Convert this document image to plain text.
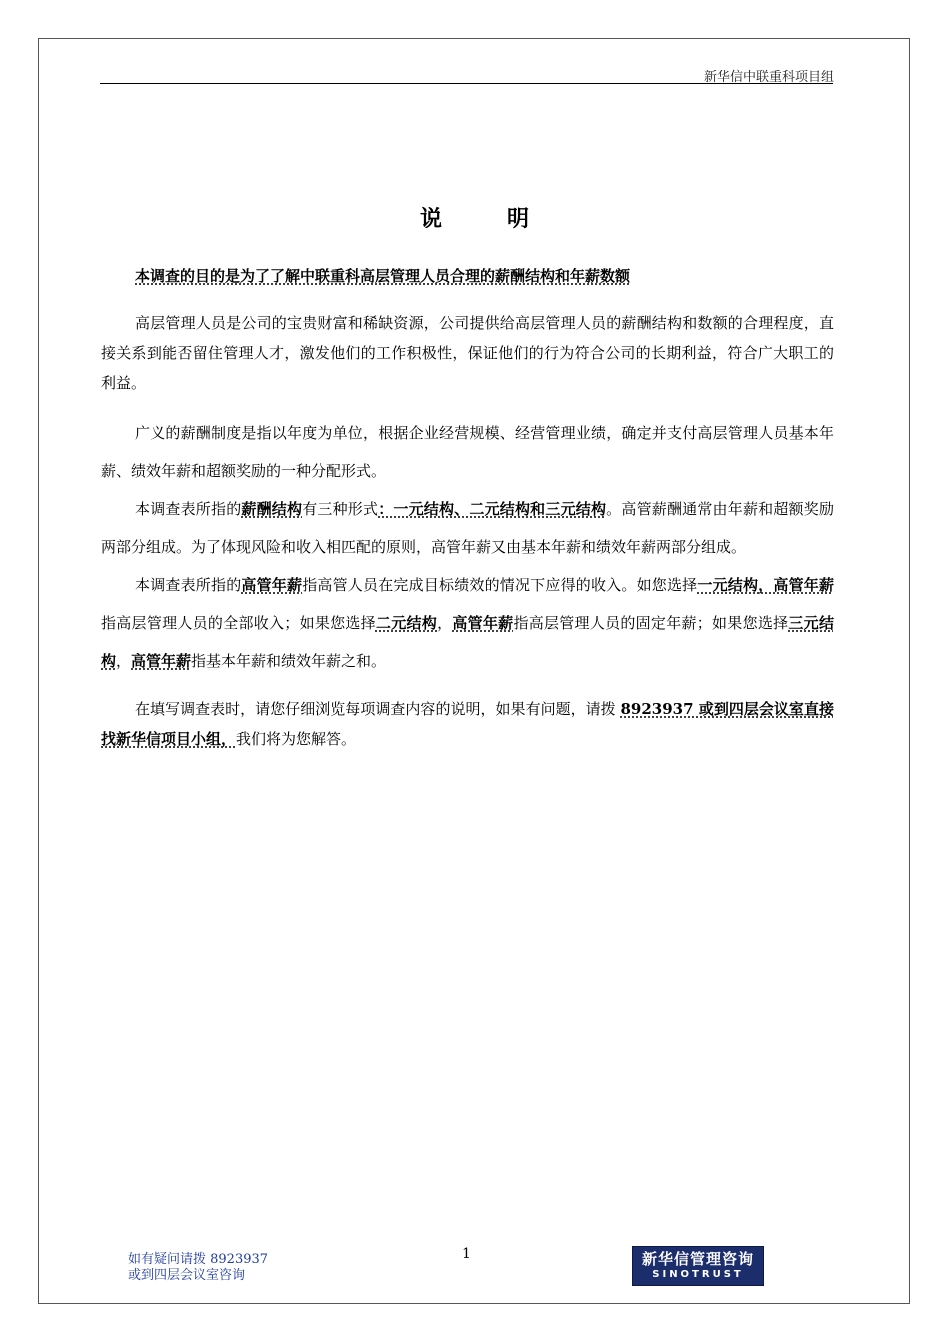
新华信中联重科项目组
说	明

本调查的目的是为了了解中联重科高层管理人员合理的薪酬结构和年薪数额

高层管理人员是公司的宝贵财富和稀缺资源，公司提供给高层管理人员的薪酬结构和数额的合理程度，直接关系到能否留住管理人才，激发他们的工作积极性，保证他们的行为符合公司的长期利益，符合广大职工的利益。

广义的薪酬制度是指以年度为单位，根据企业经营规模、经营管理业绩，确定并支付高层管理人员基本年薪、绩效年薪和超额奖励的一种分配形式。

本调查表所指的薪酬结构有三种形式：一元结构、二元结构和三元结构。高管薪酬通常由年薪和超额奖励两部分组成。为了体现风险和收入相匹配的原则，高管年薪又由基本年薪和绩效年薪两部分组成。

本调查表所指的高管年薪指高管人员在完成目标绩效的情况下应得的收入。如您选择一元结构，高管年薪指高层管理人员的全部收入；如果您选择二元结构，高管年薪指高层管理人员的固定年薪；如果您选择三元结构，高管年薪指基本年薪和绩效年薪之和。

在填写调查表时，请您仔细浏览每项调查内容的说明，如果有问题，请拨 8923937 或到四层会议室直接找新华信项目小组，我们将为您解答。

如有疑问请拨 8923937
或到四层会议室咨询
1	新华信管理咨询
SINOTRUST
